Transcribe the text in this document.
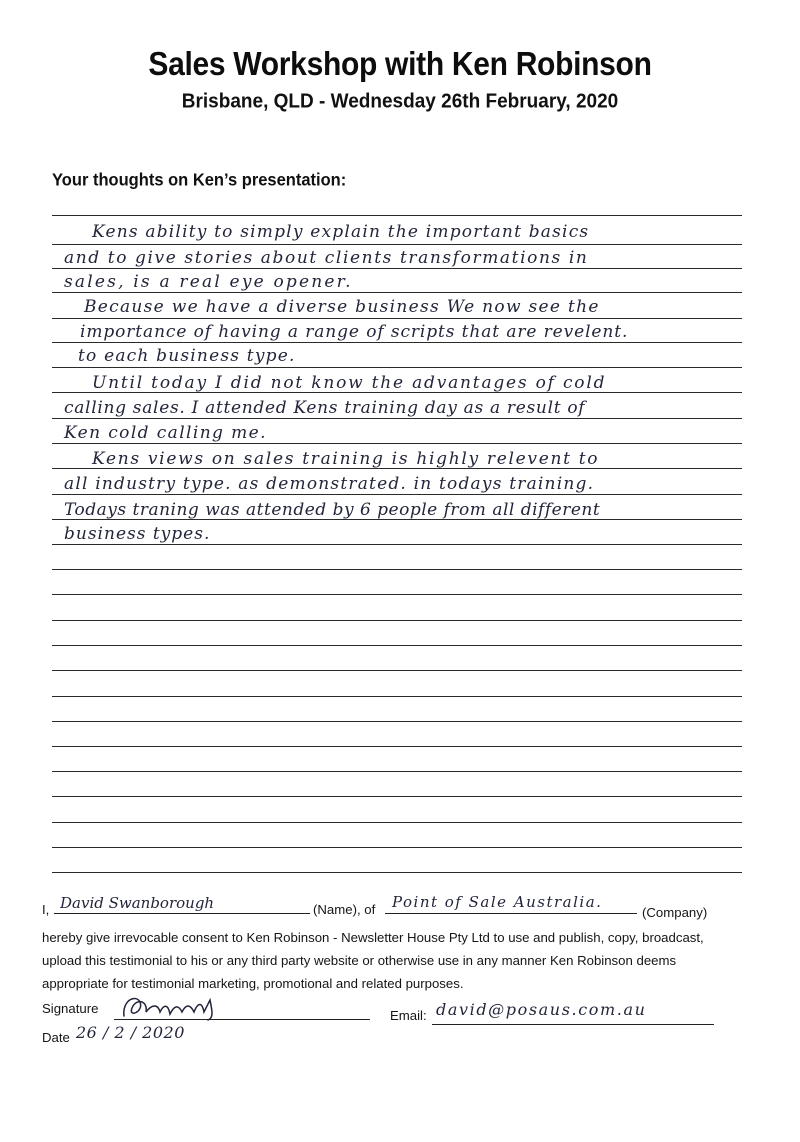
Sales Workshop with Ken Robinson
Brisbane, QLD - Wednesday 26th February, 2020
Your thoughts on Ken’s presentation:
Kens ability to simply explain the important basics
and to give stories about clients transformations in
sales, is a real eye opener.
Because we have a diverse business We now see the
importance of having a range of scripts that are revelent.
to each business type.
Until today I did not know the advantages of cold
calling sales. I attended Kens training day as a result of
Ken cold calling me.
Kens views on sales training is highly relevent to
all industry type. as demonstrated. in todays training.
Todays traning was attended by 6 people from all different
business types.
I, David Swanborough	(Name), of Point of Sale Australia.
(Company)
hereby give irrevocable consent to Ken Robinson - Newsletter House Pty Ltd to use and publish, copy, broadcast,
upload this testimonial to his or any third party website or otherwise use in any manner Ken Robinson deems
appropriate for testimonial marketing, promotional and related purposes.
Signature	Email: david@posaus.com.au
Date 26 / 2 / 2020
